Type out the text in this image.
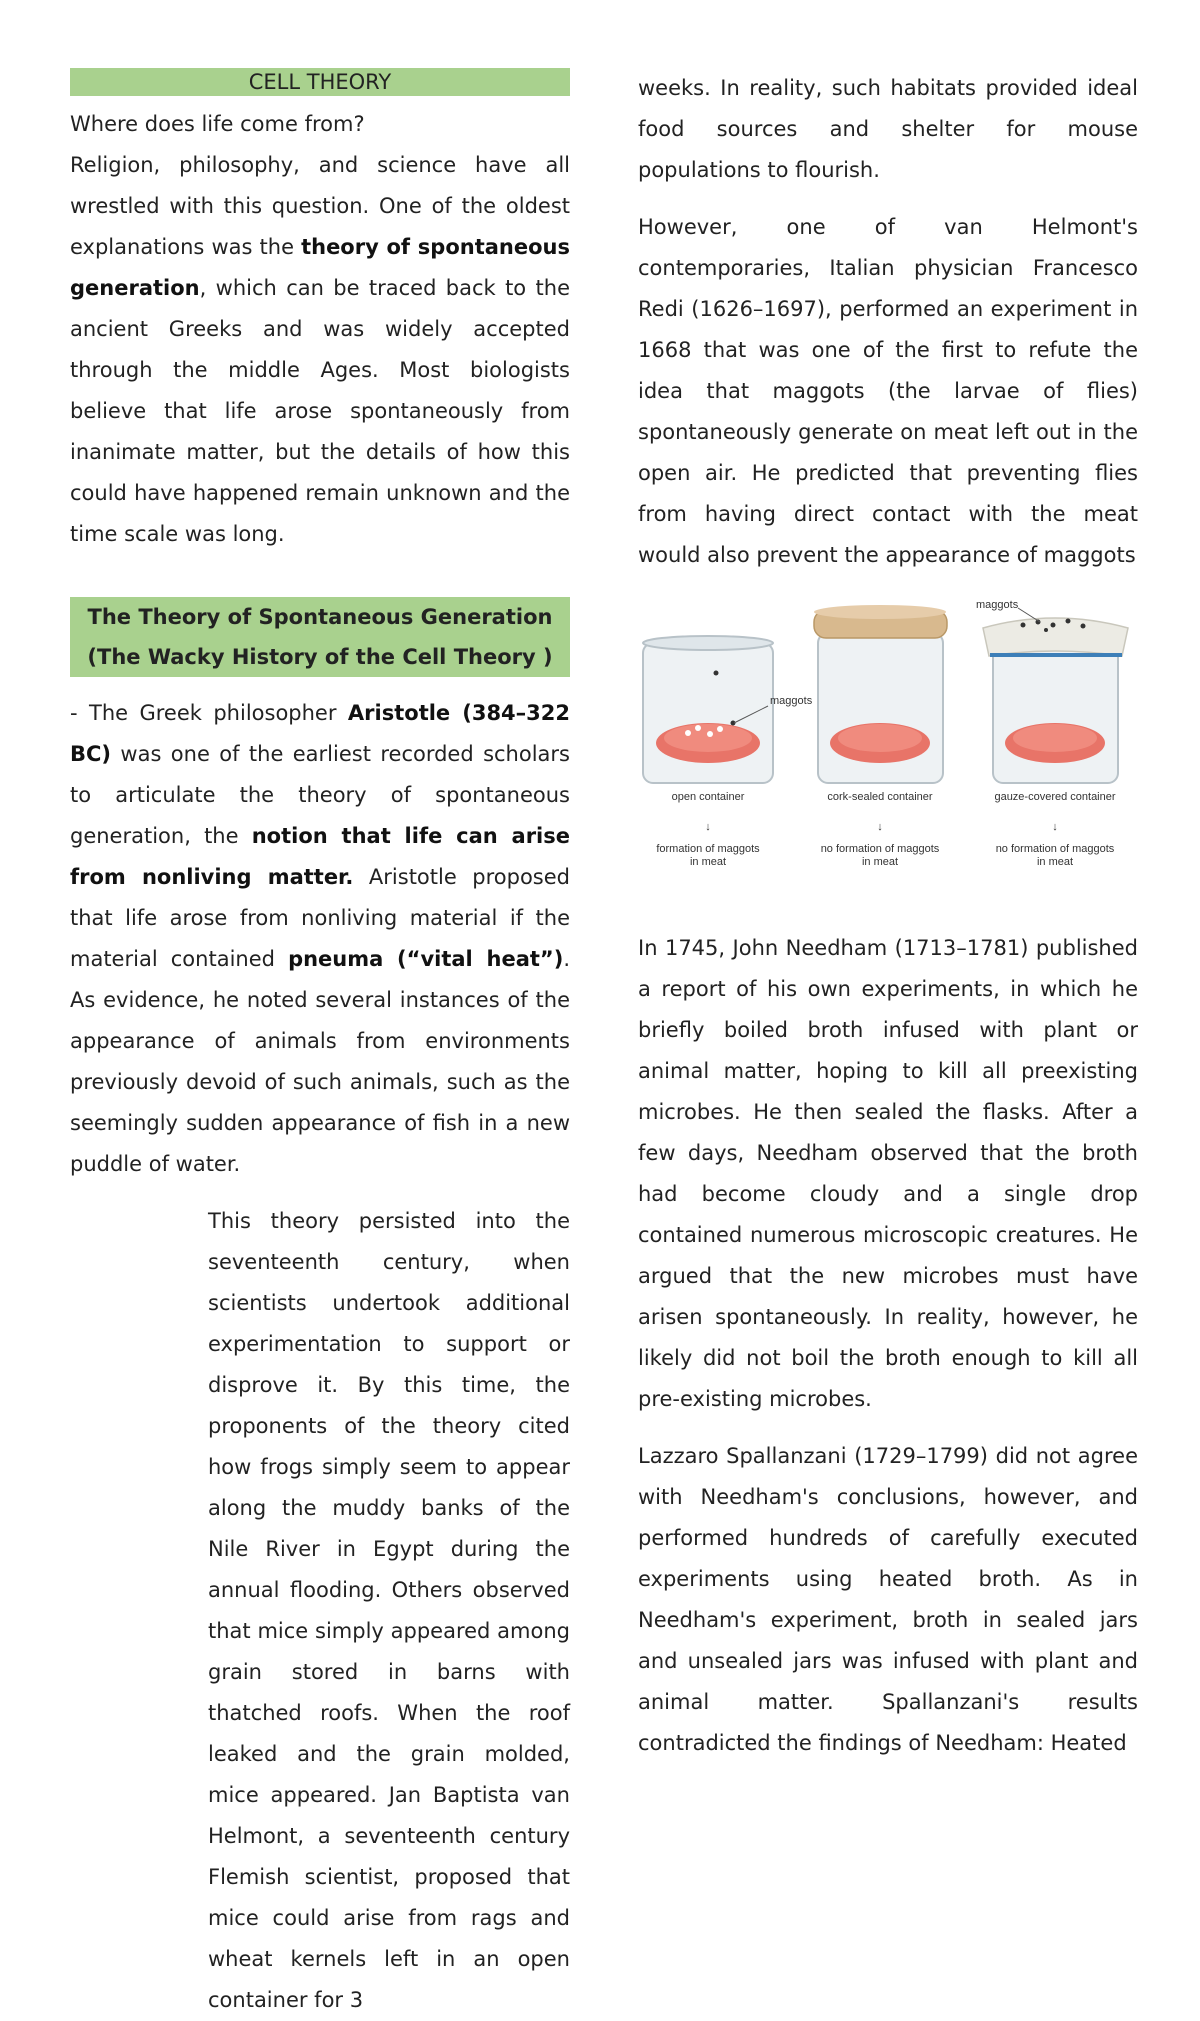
CELL THEORY

Where does life come from?

Religion, philosophy, and science have all wrestled with this question. One of the oldest explanations was the theory of spontaneous generation, which can be traced back to the ancient Greeks and was widely accepted through the middle Ages. Most biologists believe that life arose spontaneously from inanimate matter, but the details of how this could have happened remain unknown and the time scale was long.

The Theory of Spontaneous Generation
(The Wacky History of the Cell Theory )

- The Greek philosopher Aristotle (384–322 BC) was one of the earliest recorded scholars to articulate the theory of spontaneous generation, the notion that life can arise from nonliving matter. Aristotle proposed that life arose from nonliving material if the material contained pneuma (“vital heat”). As evidence, he noted several instances of the appearance of animals from environments previously devoid of such animals, such as the seemingly sudden appearance of fish in a new puddle of water.

This theory persisted into the seventeenth century, when scientists undertook additional experimentation to support or disprove it. By this time, the proponents of the theory cited how frogs simply seem to appear along the muddy banks of the Nile River in Egypt during the annual flooding. Others observed that mice simply appeared among grain stored in barns with thatched roofs. When the roof leaked and the grain molded, mice appeared. Jan Baptista van Helmont, a seventeenth century Flemish scientist, proposed that mice could arise from rags and wheat kernels left in an open container for 3

weeks. In reality, such habitats provided ideal food sources and shelter for mouse populations to flourish.

However, one of van Helmont's contemporaries, Italian physician Francesco Redi (1626–1697), performed an experiment in 1668 that was one of the first to refute the idea that maggots (the larvae of flies) spontaneously generate on meat left out in the open air. He predicted that preventing flies from having direct contact with the meat would also prevent the appearance of maggots

maggots
open container
↓
formation of maggots
in meat
cork-sealed container
↓
no formation of maggots
in meat
maggots
gauze-covered container
↓
no formation of maggots
in meat

In 1745, John Needham (1713–1781) published a report of his own experiments, in which he briefly boiled broth infused with plant or animal matter, hoping to kill all preexisting microbes. He then sealed the flasks. After a few days, Needham observed that the broth had become cloudy and a single drop contained numerous microscopic creatures. He argued that the new microbes must have arisen spontaneously. In reality, however, he likely did not boil the broth enough to kill all pre-existing microbes.

Lazzaro Spallanzani (1729–1799) did not agree with Needham's conclusions, however, and performed hundreds of carefully executed experiments using heated broth. As in Needham's experiment, broth in sealed jars and unsealed jars was infused with plant and animal matter. Spallanzani's results contradicted the findings of Needham: Heated
